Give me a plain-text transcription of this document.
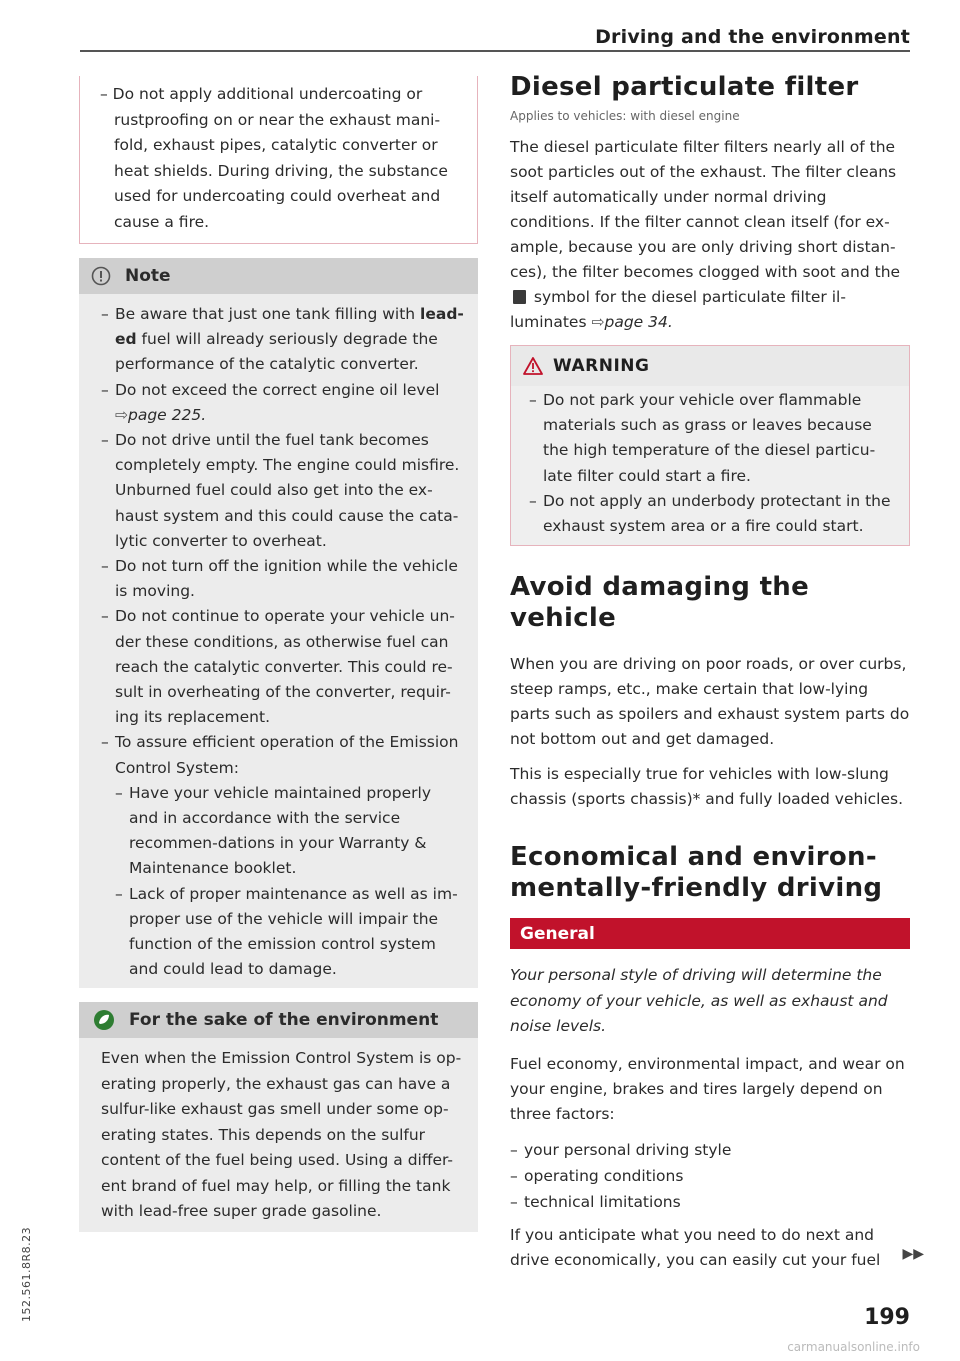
Driving and the environment
152.561.8R8.23
– Do not apply additional undercoating or
rustproofing on or near the exhaust mani-
fold, exhaust pipes, catalytic converter or
heat shields. During driving, the substance
used for undercoating could overheat and
cause a fire.
Note
– Be aware that just one tank filling with lead-ed fuel will already seriously degrade the performance of the catalytic converter.
– Do not exceed the correct engine oil level ⇨page 225.
– Do not drive until the fuel tank becomes completely empty. The engine could misfire. Unburned fuel could also get into the ex-haust system and this could cause the cata-lytic converter to overheat.
– Do not turn off the ignition while the vehicle is moving.
– Do not continue to operate your vehicle un-der these conditions, as otherwise fuel can reach the catalytic converter. This could re-sult in overheating of the converter, requir-ing its replacement.
– To assure efficient operation of the Emission Control System:
– Have your vehicle maintained properly and in accordance with the service recommen-dations in your Warranty & Maintenance booklet.
– Lack of proper maintenance as well as im-proper use of the vehicle will impair the function of the emission control system and could lead to damage.
For the sake of the environment

Even when the Emission Control System is op-erating properly, the exhaust gas can have a sulfur-like exhaust gas smell under some op-erating states. This depends on the sulfur content of the fuel being used. Using a differ-ent brand of fuel may help, or filling the tank with lead-free super grade gasoline.

Diesel particulate filter
Applies to vehicles: with diesel engine

The diesel particulate filter filters nearly all of the soot particles out of the exhaust. The filter cleans itself automatically under normal driving conditions. If the filter cannot clean itself (for ex-ample, because you are only driving short distan-ces), the filter becomes clogged with soot and the  symbol for the diesel particulate filter il-luminates ⇨page 34.

WARNING
– Do not park your vehicle over flammable materials such as grass or leaves because the high temperature of the diesel particu-late filter could start a fire.
– Do not apply an underbody protectant in the exhaust system area or a fire could start.
Avoid damaging the
vehicle

When you are driving on poor roads, or over curbs, steep ramps, etc., make certain that low-lying parts such as spoilers and exhaust system parts do not bottom out and get damaged.

This is especially true for vehicles with low-slung chassis (sports chassis)* and fully loaded vehicles.

Economical and environ-
mentally-friendly driving
General

Your personal style of driving will determine the economy of your vehicle, as well as exhaust and noise levels.

Fuel economy, environmental impact, and wear on your engine, brakes and tires largely depend on three factors:

– your personal driving style
– operating conditions
– technical limitations

If you anticipate what you need to do next and drive economically, you can easily cut your fuel ▶▶

199
carmanualsonline.info
